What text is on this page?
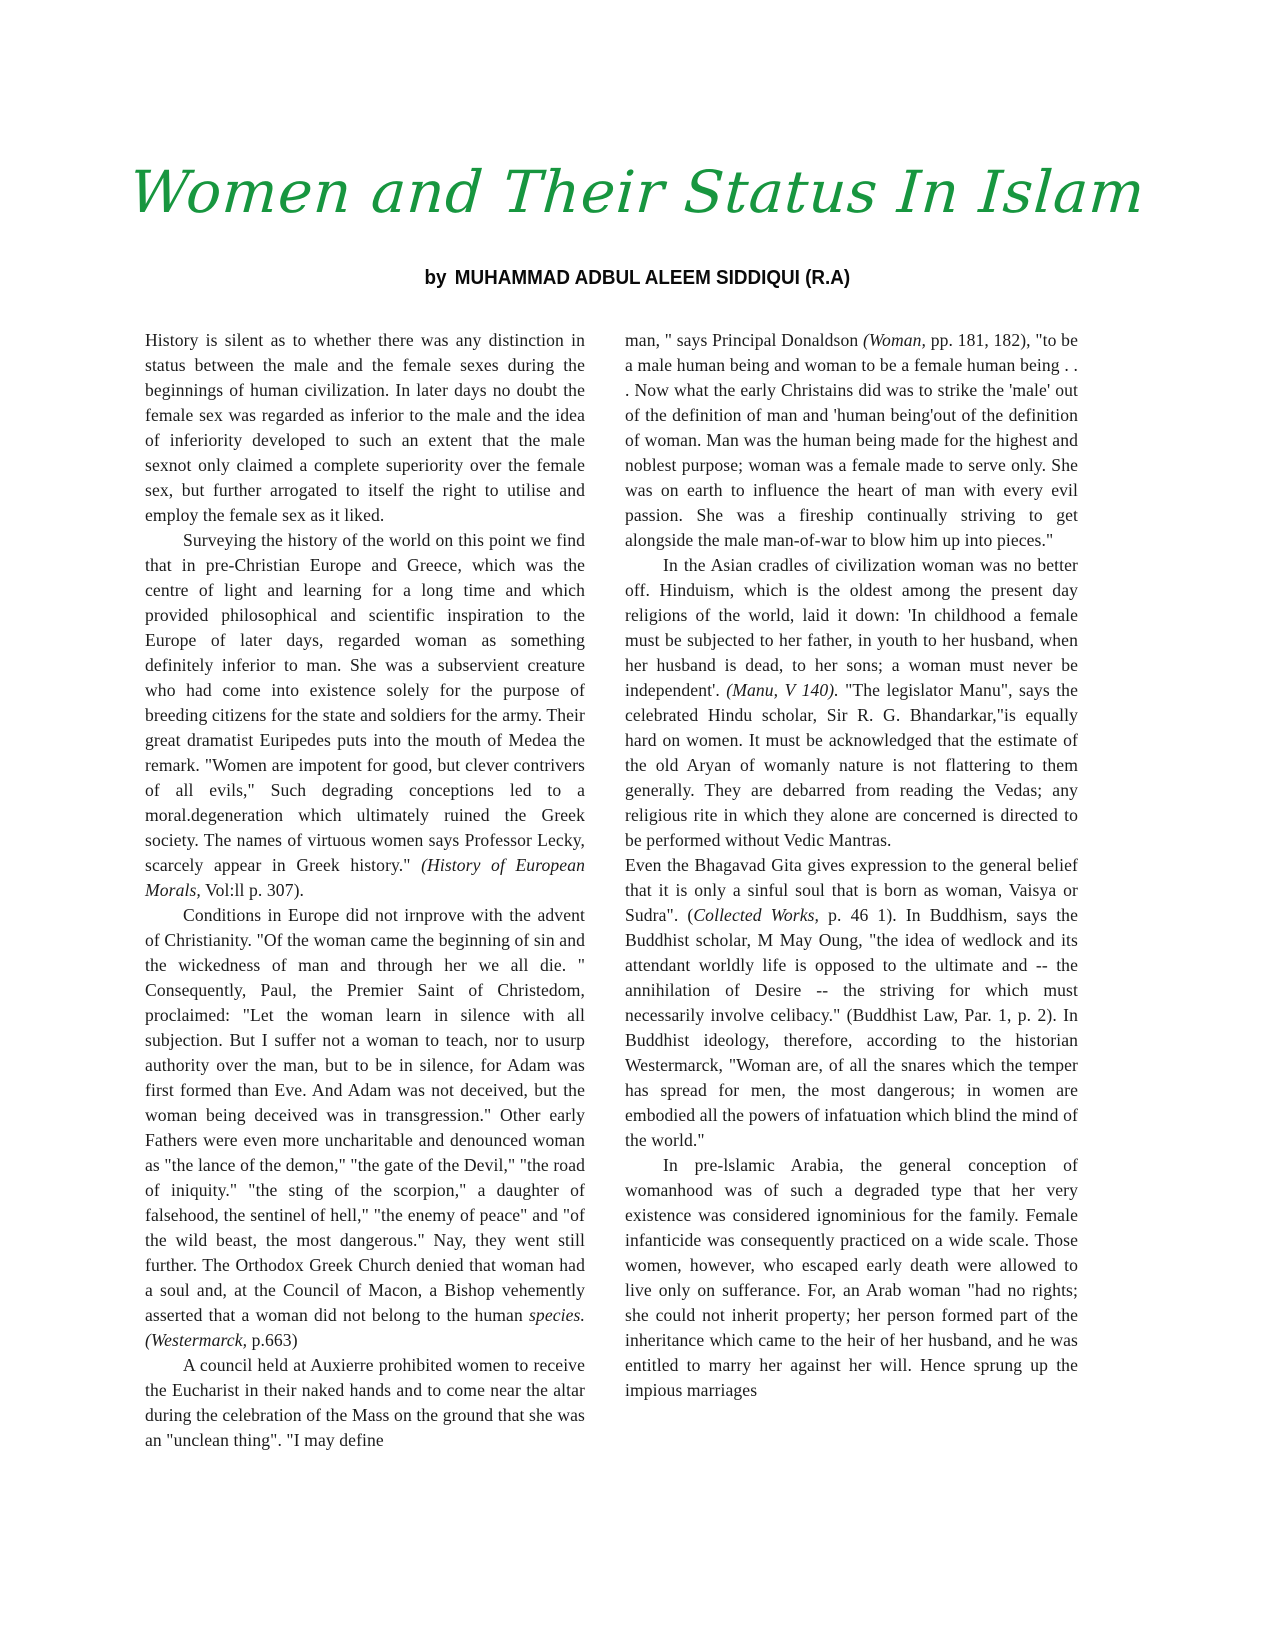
Women and Their Status In Islam
by MUHAMMAD ADBUL ALEEM SIDDIQUI (R.A)

History is silent as to whether there was any distinction in status between the male and the female sexes during the beginnings of human civilization. In later days no doubt the female sex was regarded as inferior to the male and the idea of inferiority developed to such an extent that the male sexnot only claimed a complete superiority over the female sex, but further arrogated to itself the right to utilise and employ the female sex as it liked.

Surveying the history of the world on this point we find that in pre-Christian Europe and Greece, which was the centre of light and learning for a long time and which provided philosophical and scientific inspiration to the Europe of later days, regarded woman as something definitely inferior to man. She was a subservient creature who had come into existence solely for the purpose of breeding citizens for the state and soldiers for the army. Their great dramatist Euripedes puts into the mouth of Medea the remark. "Women are impotent for good, but clever contrivers of all evils," Such degrading conceptions led to a moral.degeneration which ultimately ruined the Greek society. The names of virtuous women says Professor Lecky, scarcely appear in Greek history." (History of European Morals, Vol:ll p. 307).

Conditions in Europe did not irnprove with the advent of Christianity. "Of the woman came the beginning of sin and the wickedness of man and through her we all die. " Consequently, Paul, the Premier Saint of Christedom, proclaimed: "Let the woman learn in silence with all subjection. But I suffer not a woman to teach, nor to usurp authority over the man, but to be in silence, for Adam was first formed than Eve. And Adam was not deceived, but the woman being deceived was in transgression." Other early Fathers were even more uncharitable and denounced woman as "the lance of the demon," "the gate of the Devil," "the road of iniquity." "the sting of the scorpion," a daughter of falsehood, the sentinel of hell," "the enemy of peace" and "of the wild beast, the most dangerous." Nay, they went still further. The Orthodox Greek Church denied that woman had a soul and, at the Council of Macon, a Bishop vehemently asserted that a woman did not belong to the human species. (Westermarck, p.663)

A council held at Auxierre prohibited women to receive the Eucharist in their naked hands and to come near the altar during the celebration of the Mass on the ground that she was an "unclean thing". "I may define

man, " says Principal Donaldson (Woman, pp. 181, 182), "to be a male human being and woman to be a female human being . . . Now what the early Christains did was to strike the 'male' out of the definition of man and 'human being'out of the definition of woman. Man was the human being made for the highest and noblest purpose; woman was a female made to serve only. She was on earth to influence the heart of man with every evil passion. She was a fireship continually striving to get alongside the male man-of-war to blow him up into pieces."

In the Asian cradles of civilization woman was no better off. Hinduism, which is the oldest among the present day religions of the world, laid it down: 'In childhood a female must be subjected to her father, in youth to her husband, when her husband is dead, to her sons; a woman must never be independent'. (Manu, V 140). "The legislator Manu", says the celebrated Hindu scholar, Sir R. G. Bhandarkar,"is equally hard on women. It must be acknowledged that the estimate of the old Aryan of womanly nature is not flattering to them generally. They are debarred from reading the Vedas; any religious rite in which they alone are concerned is directed to be performed without Vedic Mantras.

Even the Bhagavad Gita gives expression to the general belief that it is only a sinful soul that is born as woman, Vaisya or Sudra". (Collected Works, p. 46 1). In Buddhism, says the Buddhist scholar, M May Oung, "the idea of wedlock and its attendant worldly life is opposed to the ultimate and -- the annihilation of Desire -- the striving for which must necessarily involve celibacy." (Buddhist Law, Par. 1, p. 2). In Buddhist ideology, therefore, according to the historian Westermarck, "Woman are, of all the snares which the temper has spread for men, the most dangerous; in women are embodied all the powers of infatuation which blind the mind of the world."

In pre-lslamic Arabia, the general conception of womanhood was of such a degraded type that her very existence was considered ignominious for the family. Female infanticide was consequently practiced on a wide scale. Those women, however, who escaped early death were allowed to live only on sufferance. For, an Arab woman "had no rights; she could not inherit property; her person formed part of the inheritance which came to the heir of her husband, and he was entitled to marry her against her will. Hence sprung up the impious marriages
